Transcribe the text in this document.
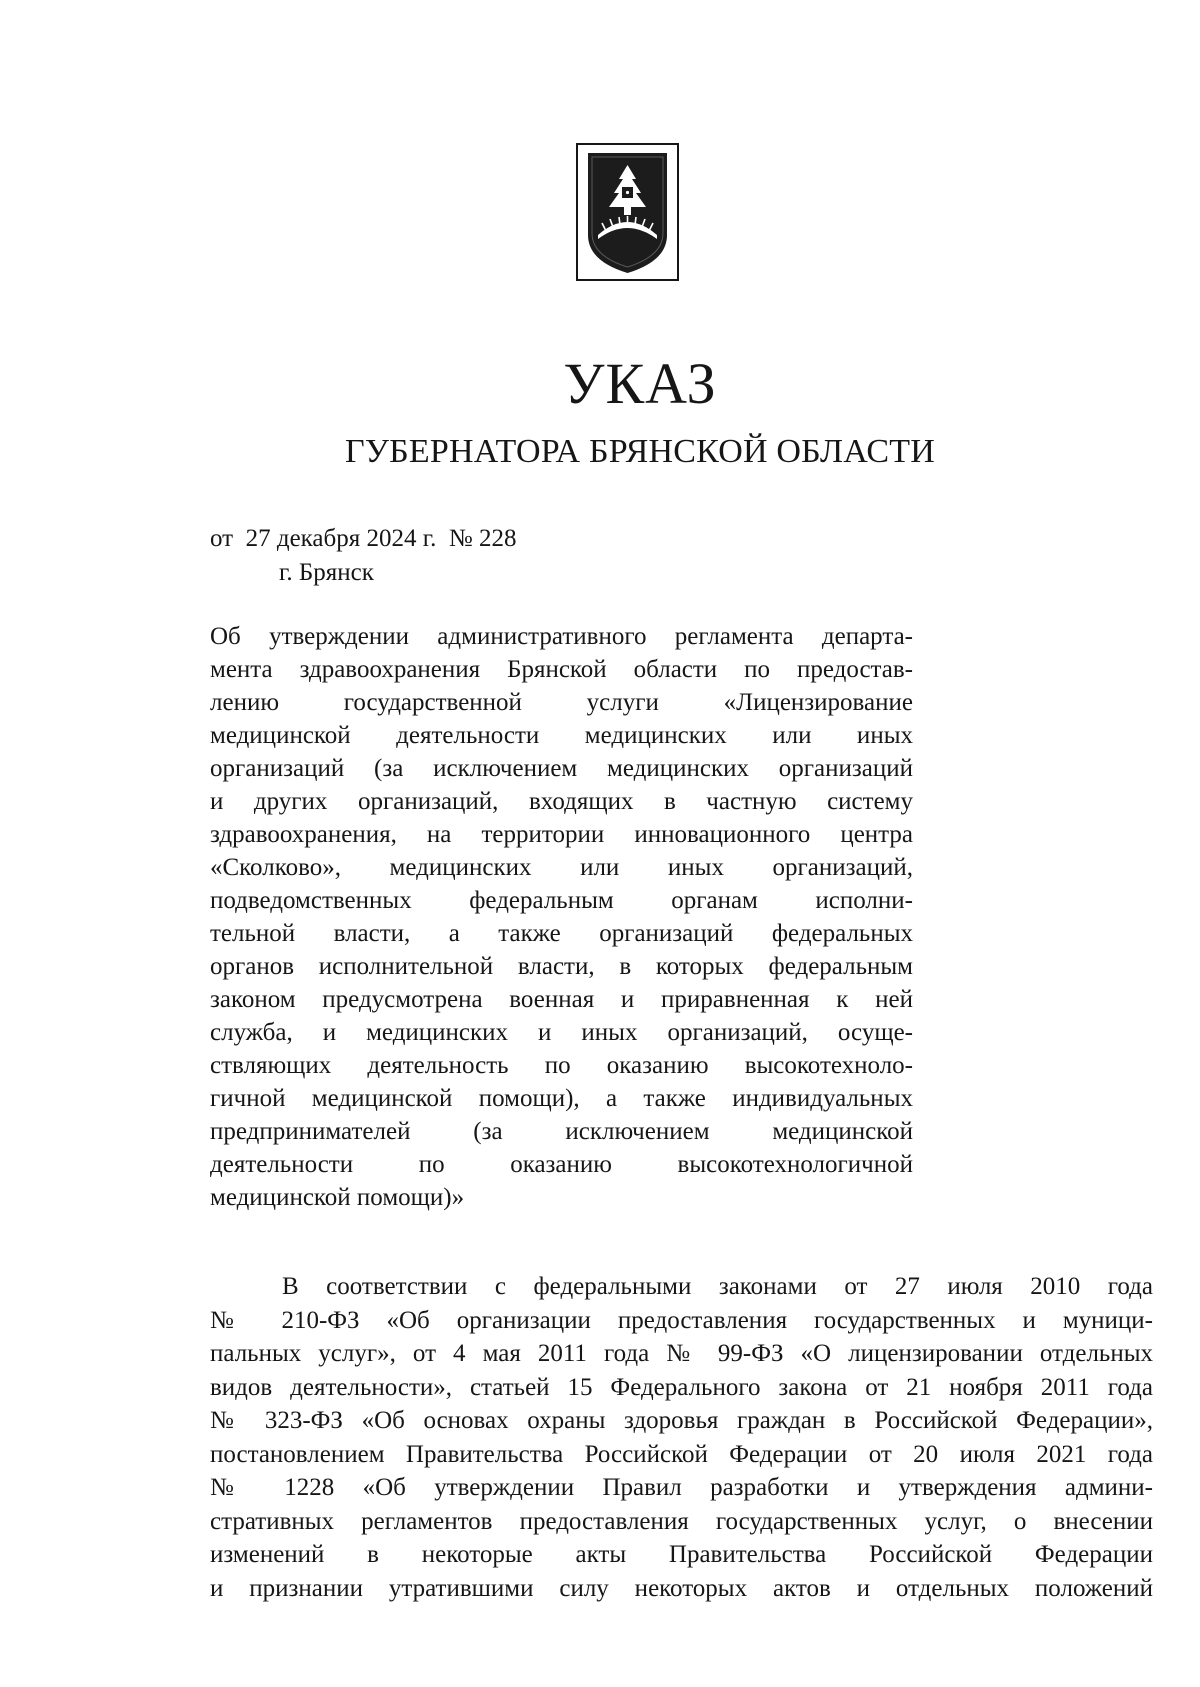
УКАЗ
ГУБЕРНАТОРА БРЯНСКОЙ ОБЛАСТИ
от  27 декабря 2024 г.  № 228
г. Брянск
Об утверждении административного регламента департа-
мента здравоохранения Брянской области по предостав-
лению государственной услуги «Лицензирование
медицинской деятельности медицинских или иных
организаций (за исключением медицинских организаций
и других организаций, входящих в частную систему
здравоохранения, на территории инновационного центра
«Сколково», медицинских или иных организаций,
подведомственных федеральным органам исполни-
тельной власти, а также организаций федеральных
органов исполнительной власти, в которых федеральным
законом предусмотрена военная и приравненная к ней
служба, и медицинских и иных организаций, осуще-
ствляющих деятельность по оказанию высокотехноло-
гичной медицинской помощи), а также индивидуальных
предпринимателей (за исключением медицинской
деятельности по оказанию высокотехнологичной
медицинской помощи)»
В соответствии с федеральными законами от 27 июля 2010 года
№ 210-ФЗ «Об организации предоставления государственных и муници-
пальных услуг», от 4 мая 2011 года № 99-ФЗ «О лицензировании отдельных
видов деятельности», статьей 15 Федерального закона от 21 ноября 2011 года
№ 323-ФЗ «Об основах охраны здоровья граждан в Российской Федерации»,
постановлением Правительства Российской Федерации от 20 июля 2021 года
№ 1228 «Об утверждении Правил разработки и утверждения админи-
стративных регламентов предоставления государственных услуг, о внесении
изменений в некоторые акты Правительства Российской Федерации
и признании утратившими силу некоторых актов и отдельных положений
